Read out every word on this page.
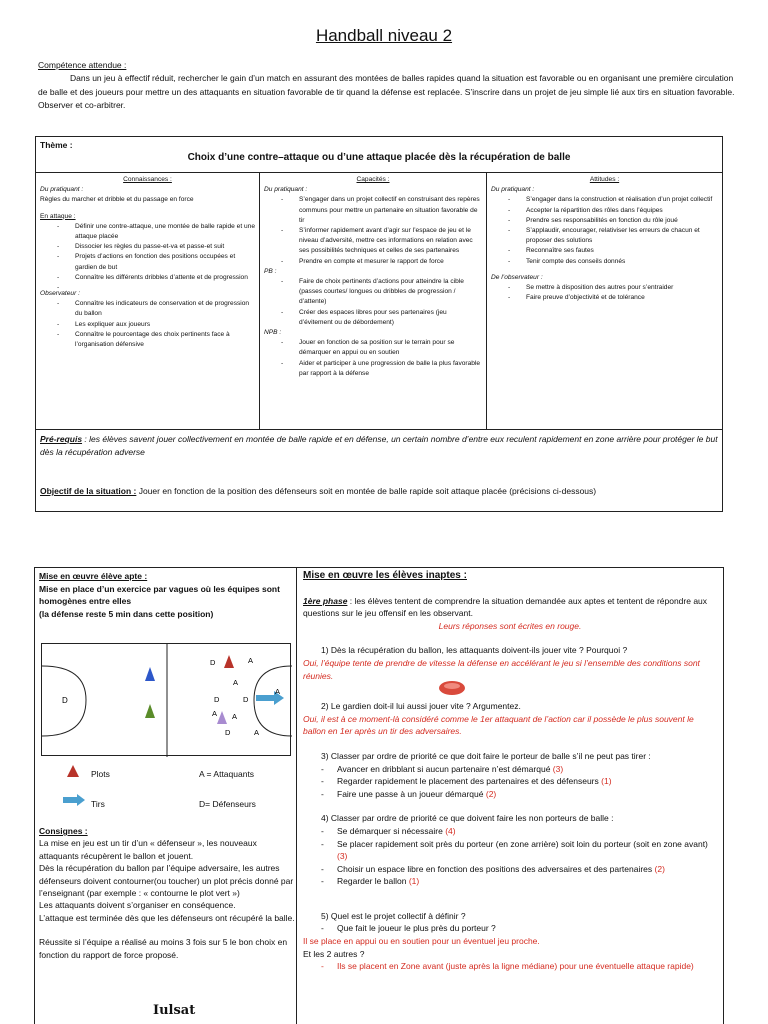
Handball niveau 2
Compétence attendue :
Dans un jeu à effectif réduit, rechercher le gain d’un match en assurant des montées de balles rapides quand la situation est favorable ou en organisant une première circulation de balle et des joueurs pour mettre un des attaquants en situation favorable de tir quand la défense est replacée. S’inscrire dans un projet de jeu simple lié aux tirs en situation favorable. Observer et co-arbitrer.
Thème :
Choix d’une contre–attaque ou d’une attaque placée dès la récupération de balle
Connaissances :
Du pratiquant :
Règles du marcher et dribble et du passage en force
En attaque :
- Définir une contre-attaque, une montée de balle rapide et une attaque placée
- Dissocier les règles du passe-et-va et passe-et suit
- Projets d’actions en fonction des positions occupées et gardien de but
- Connaître les différents dribbles d’attente et de progression
Observateur :
- Connaître les indicateurs de conservation et de progression du ballon
- Les expliquer aux joueurs
- Connaître le pourcentage des choix pertinents face à l’organisation défensive
Capacités :
Du pratiquant :
- S’engager dans un projet collectif en construisant des repères communs pour mettre un partenaire en situation favorable de tir
- S’informer rapidement avant d’agir sur l’espace de jeu et le niveau d’adversité, mettre ces informations en relation avec ses possibilités techniques et celles de ses partenaires
- Prendre en compte et mesurer le rapport de force
PB :
- Faire de choix pertinents d’actions pour atteindre la cible (passes courtes/ longues ou dribbles de progression / d’attente)
- Créer des espaces libres pour ses partenaires (jeu d’évitement ou de débordement)
NPB :
- Jouer en fonction de sa position sur le terrain pour se démarquer en appui ou en soutien
- Aider et participer à une progression de balle la plus favorable par rapport à la défense
Attitudes :
Du pratiquant :
- S’engager dans la construction et réalisation d’un projet collectif
- Accepter la répartition des rôles dans l’équipes
- Prendre ses responsabilités en fonction du rôle joué
- S’applaudir, encourager, relativiser les erreurs de chacun et proposer des solutions
- Reconnaître ses fautes
- Tenir compte des conseils donnés
De l’observateur :
- Se mettre à disposition des autres pour s’entraider
- Faire preuve d’objectivité et de tolérance
Pré-requis : les élèves savent jouer collectivement en montée de balle rapide et en défense, un certain nombre d’entre eux reculent rapidement en zone arrière pour protéger le but dès la récupération adverse
Objectif de la situation : Jouer en fonction de la position des défenseurs soit en montée de balle rapide soit attaque placée (précisions ci-dessous)
Mise en œuvre élève apte :
Mise en place d’un exercice par vagues où les équipes sont homogènes entre elles
(la défense reste 5 min dans cette position)
D
D	A
A
D	D
A
A A
D	A
Plots	A = Attaquants
Tirs	D= Défenseurs
Consignes :
La mise en jeu est un tir d’un « défenseur », les nouveaux attaquants récupèrent le ballon et jouent.
Dès la récupération du ballon par l’équipe adversaire, les autres défenseurs doivent contourner(ou toucher) un plot précis donné par l’enseignant (par exemple : « contourne le plot vert »)
Les attaquants doivent s’organiser en conséquence.
L’attaque est terminée dès que les défenseurs ont récupéré la balle.
Réussite si l’équipe a réalisé au moins 3 fois sur 5 le bon choix en fonction du rapport de force proposé.
Iulsat
Mise en œuvre les élèves inaptes :
1ère phase : les élèves tentent de comprendre la situation demandée aux aptes et tentent de répondre aux questions sur le jeu offensif en les observant.
Leurs réponses sont écrites en rouge.
1) Dès la récupération du ballon, les attaquants doivent-ils jouer vite ? Pourquoi ?
Oui, l’équipe tente de prendre de vitesse la défense en accélérant le jeu si l’ensemble des conditions sont réunies.
2) Le gardien doit-il lui aussi jouer vite ? Argumentez.
Oui, il est à ce moment-là considéré comme le 1er attaquant de l’action car il possède le plus souvent le ballon en 1er après un tir des adversaires.
3) Classer par ordre de priorité ce que doit faire le porteur de balle s’il ne peut pas tirer :
- Avancer en dribblant si aucun partenaire n’est démarqué (3)
- Regarder rapidement le placement des partenaires et des défenseurs (1)
- Faire une passe à un joueur démarqué (2)
4) Classer par ordre de priorité ce que doivent faire les non porteurs de balle :
- Se démarquer si nécessaire (4)
- Se placer rapidement soit près du porteur (en zone arrière) soit loin du porteur (soit en zone avant) (3)
- Choisir un espace libre en fonction des positions des adversaires et des partenaires (2)
- Regarder le ballon (1)
5) Quel est le projet collectif à définir ?
- Que fait le joueur le plus près du porteur ?
Il se place en appui ou en soutien pour un éventuel jeu proche.
Et les 2 autres ?
- Ils se placent en Zone avant (juste après la ligne médiane) pour une éventuelle attaque rapide)
